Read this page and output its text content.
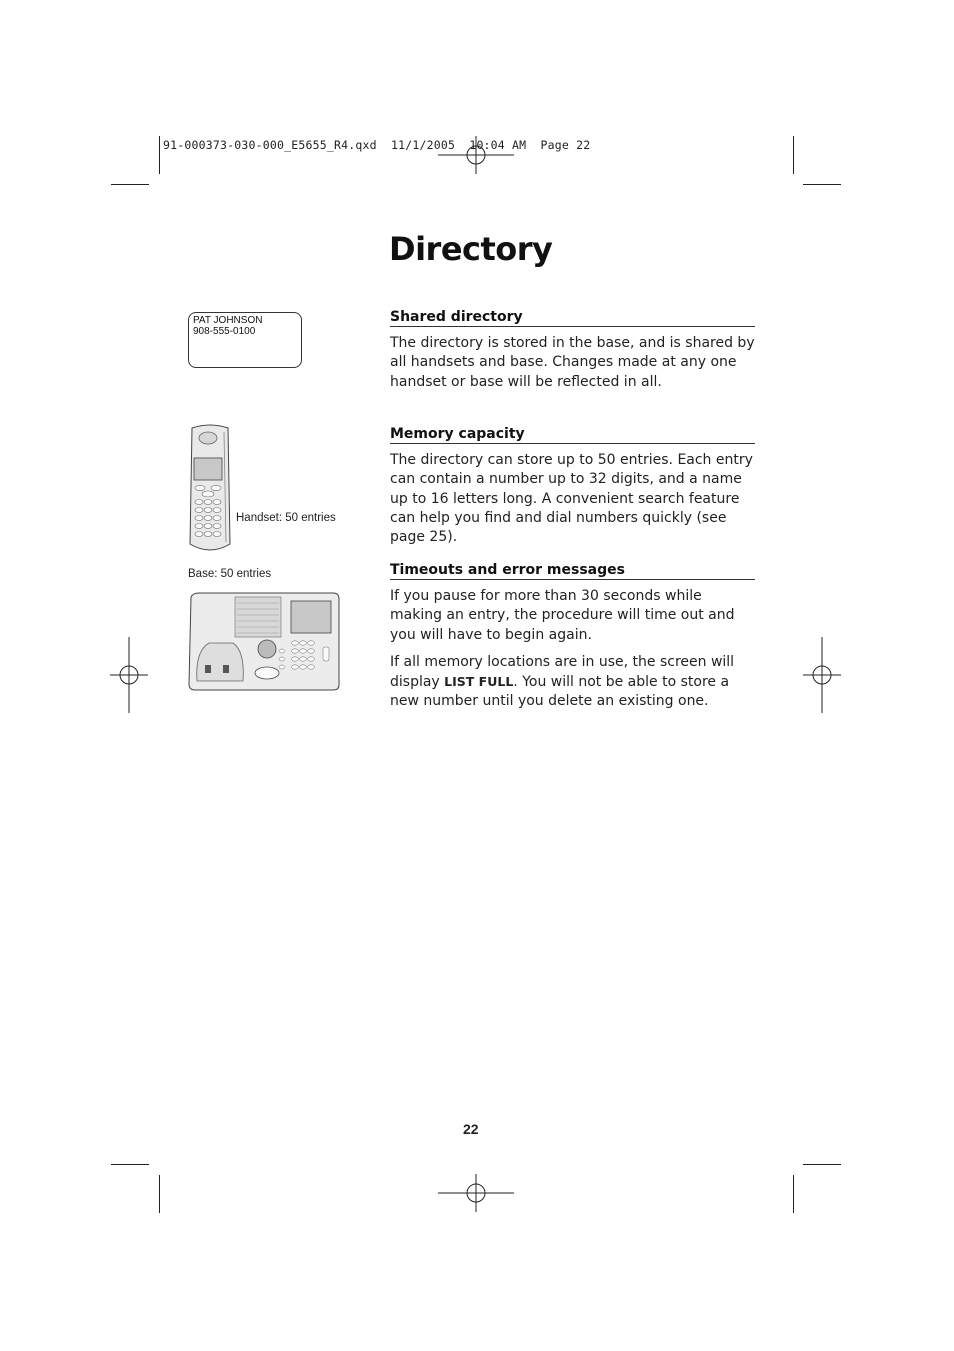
91-000373-030-000_E5655_R4.qxd  11/1/2005  10:04 AM  Page 22
Directory
PAT JOHNSON
908-555-0100
Handset: 50 entries
Base: 50 entries
Shared directory

The directory is stored in the base, and is shared by all handsets and base. Changes made at any one handset or base will be reflected in all.

Memory capacity

The directory can store up to 50 entries. Each entry can contain a number up to 32 digits, and a name up to 16 letters long. A convenient search feature can help you find and dial numbers quickly (see page 25).

Timeouts and error messages

If you pause for more than 30 seconds while making an entry, the procedure will time out and you will have to begin again.

If all memory locations are in use, the screen will display LIST FULL. You will not be able to store a new number until you delete an existing one.

22
